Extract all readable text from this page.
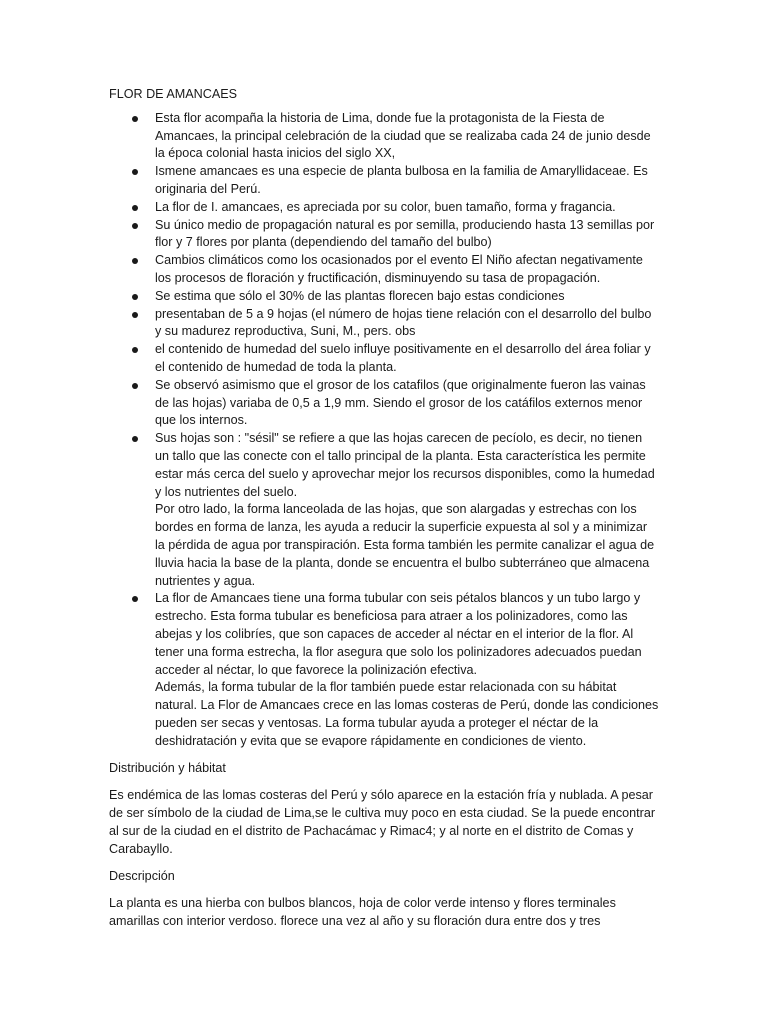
FLOR DE AMANCAES

Esta flor acompaña la historia de Lima, donde fue la protagonista de la Fiesta de Amancaes, la principal celebración de la ciudad que se realizaba cada 24 de junio desde la época colonial hasta inicios del siglo XX,
Ismene amancaes es una especie de planta bulbosa en la familia de Amaryllidaceae. Es originaria del Perú.
La flor de I. amancaes, es apreciada por su color, buen tamaño, forma y fragancia.
Su único medio de propagación natural es por semilla, produciendo hasta 13 semillas por flor y 7 flores por planta (dependiendo del tamaño del bulbo)
Cambios climáticos como los ocasionados por el evento El Niño afectan negativamente los procesos de floración y fructificación, disminuyendo su tasa de propagación.
Se estima que sólo el 30% de las plantas florecen bajo estas condiciones
presentaban de 5 a 9 hojas (el número de hojas tiene relación con el desarrollo del bulbo y su madurez reproductiva, Suni, M., pers. obs
el contenido de humedad del suelo influye positivamente en el desarrollo del área foliar y el contenido de humedad de toda la planta.
Se observó asimismo que el grosor de los catafilos (que originalmente fueron las vainas de las hojas) variaba de 0,5 a 1,9 mm. Siendo el grosor de los catáfilos externos menor que los internos.
Sus hojas son : "sésil" se refiere a que las hojas carecen de pecíolo, es decir, no tienen un tallo que las conecte con el tallo principal de la planta. Esta característica les permite estar más cerca del suelo y aprovechar mejor los recursos disponibles, como la humedad y los nutrientes del suelo.
Por otro lado, la forma lanceolada de las hojas, que son alargadas y estrechas con los bordes en forma de lanza, les ayuda a reducir la superficie expuesta al sol y a minimizar la pérdida de agua por transpiración. Esta forma también les permite canalizar el agua de lluvia hacia la base de la planta, donde se encuentra el bulbo subterráneo que almacena nutrientes y agua.
La flor de Amancaes tiene una forma tubular con seis pétalos blancos y un tubo largo y estrecho. Esta forma tubular es beneficiosa para atraer a los polinizadores, como las abejas y los colibríes, que son capaces de acceder al néctar en el interior de la flor. Al tener una forma estrecha, la flor asegura que solo los polinizadores adecuados puedan acceder al néctar, lo que favorece la polinización efectiva.
Además, la forma tubular de la flor también puede estar relacionada con su hábitat natural. La Flor de Amancaes crece en las lomas costeras de Perú, donde las condiciones pueden ser secas y ventosas. La forma tubular ayuda a proteger el néctar de la deshidratación y evita que se evapore rápidamente en condiciones de viento.

Distribución y hábitat

Es endémica de las lomas costeras del Perú y sólo aparece en la estación fría y nublada. A pesar de ser símbolo de la ciudad de Lima,se le cultiva muy poco en esta ciudad. Se la puede encontrar al sur de la ciudad en el distrito de Pachacámac y Rimac4; y al norte en el distrito de Comas y Carabayllo.

Descripción

La planta es una hierba con bulbos blancos, hoja de color verde intenso y flores terminales amarillas con interior verdoso. florece una vez al año y su floración dura entre dos y tres
